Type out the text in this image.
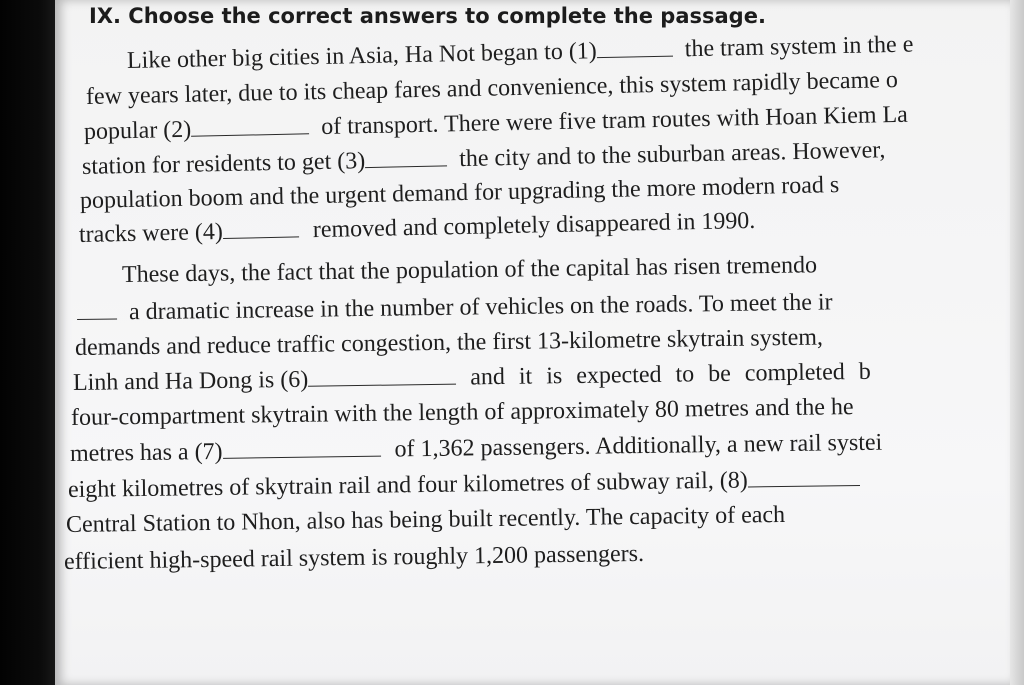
IX. Choose the correct answers to complete the passage.
Like other big cities in Asia, Ha Not began to (1)	the tram system in the e
few years later, due to its cheap fares and convenience, this system rapidly became o
popular (2)	of transport. There were five tram routes with Hoan Kiem La
station for residents to get (3)	the city and to the suburban areas. However,
population boom and the urgent demand for upgrading the more modern road s
tracks were (4)	removed and completely disappeared in 1990.
These days, the fact that the population of the capital has risen tremendo
a dramatic increase in the number of vehicles on the roads. To meet the ir
demands and reduce traffic congestion, the first 13-kilometre skytrain system,
Linh and Ha Dong is (6)	and it is expected to be completed b
four-compartment skytrain with the length of approximately 80 metres and the he
metres has a (7)	of 1,362 passengers. Additionally, a new rail systei
eight kilometres of skytrain rail and four kilometres of subway rail, (8)
Central Station to Nhon, also has being built recently. The capacity of each
efficient high-speed rail system is roughly 1,200 passengers.
